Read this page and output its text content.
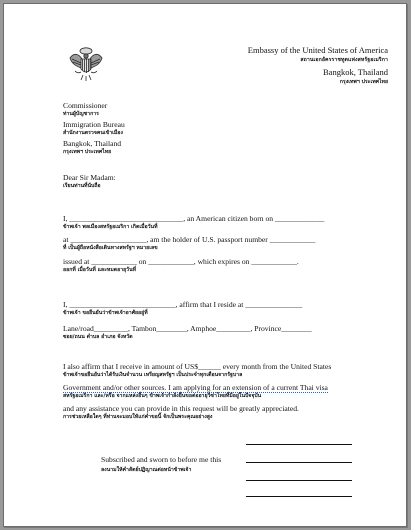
Embassy of the United States of America
สถานเอกอัครราชทูตแห่งสหรัฐอเมริกา
Bangkok, Thailand
กรุงเทพฯ ประเทศไทย
Commissioner
ท่านผู้บัญชาการ
Immigration Bureau
สำนักงานตรวจคนเข้าเมือง
Bangkok, Thailand
กรุงเทพฯ ประเทศไทย
Dear Sir Madam:
เรียนท่านที่นับถือ
I, ______________________________, an American citizen born on _____________
ข้าพเจ้า พลเมืองสหรัฐอเมริกา เกิดเมื่อวันที่
at ____________________, am the holder of U.S. passport number ____________
ที่ เป็นผู้ถือหนังสือเดินทางสหรัฐฯ หมายเลข
issued at ____________ on ____________, which expires on ____________.
ออกที่ เมื่อวันที่ และหมดอายุวันที่
I, ____________________________, affirm that I reside at _______________
ข้าพเจ้า ขอยืนยันว่าข้าพเจ้าอาศัยอยู่ที่
Lane/road_________, Tambon________, Amphoe_________, Province________
ซอย/ถนน ตำบล อำเภอ จังหวัด
I also affirm that I receive in amount of US$______ every month from the United States
ข้าพเจ้าขอยืนยันว่าได้รับเงินจำนวน เหรียญสหรัฐฯ เป็นประจำทุกเดือนจากรัฐบาล
Government and/or other sources. I am applying for an extension of a current Thai visa
สหรัฐอเมริกา และ/หรือ จากแหล่งอื่นๆ ข้าพเจ้ากำลังยื่นขอต่ออายุวีซ่าไทยที่มีอยู่ในปัจจุบัน
and any assistance you can provide in this request will be greatly appreciated.
การช่วยเหลือใดๆ ที่ท่านจะมอบให้แก่คำขอนี้ จักเป็นพระคุณอย่างสูง
Subscribed and sworn to before me this
ลงนามให้คำสัตย์ปฏิญาณต่อหน้าข้าพเจ้า
